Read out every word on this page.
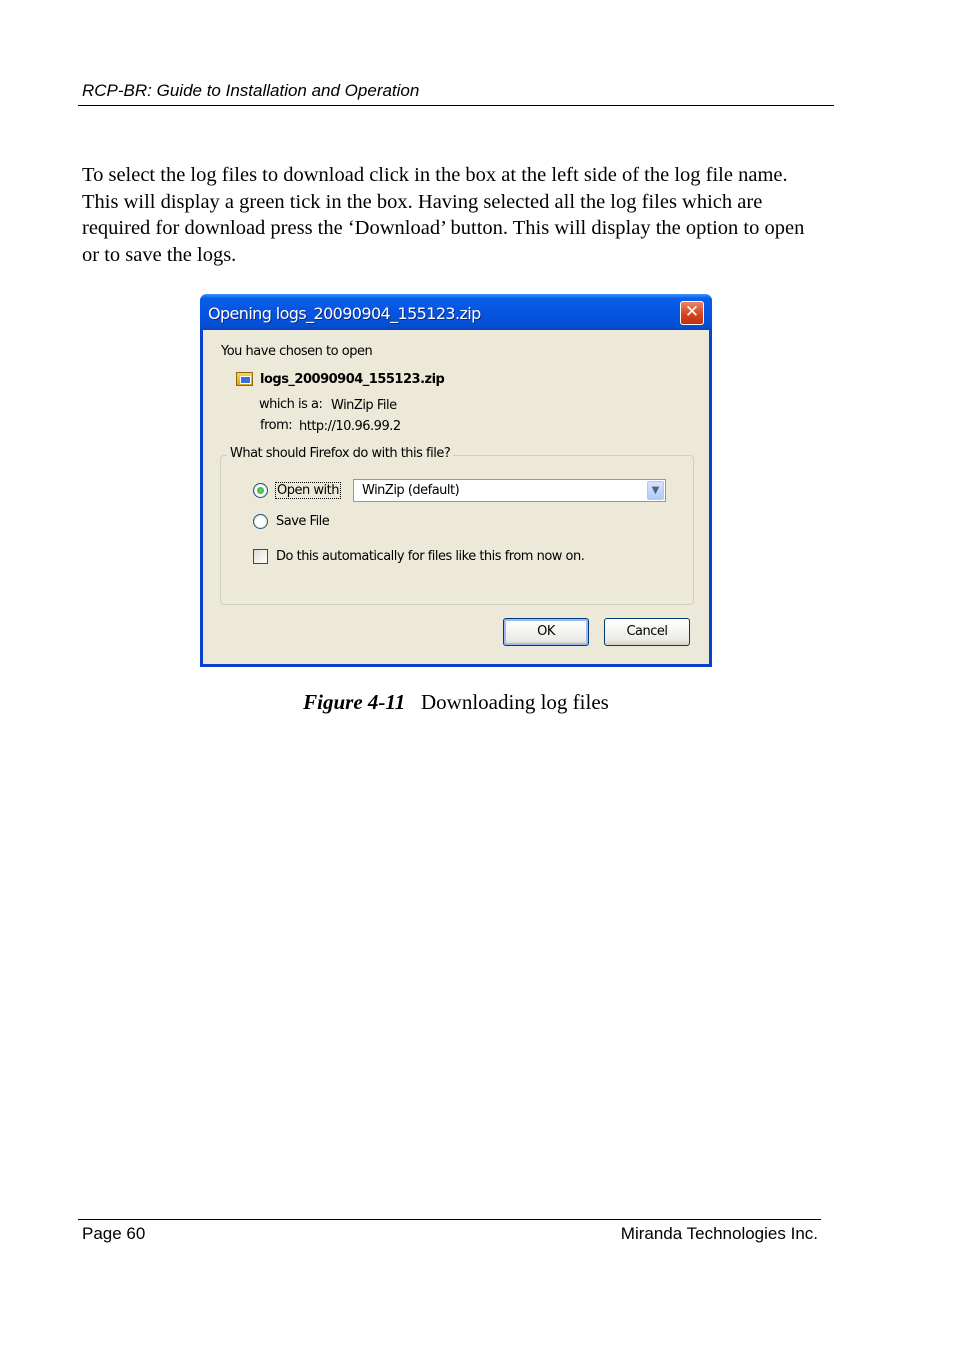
RCP-BR: Guide to Installation and Operation

To select the log files to download click in the box at the left side of the log file name. This will display a green tick in the box. Having selected all the log files which are required for download press the ‘Download’ button. This will display the option to open or to save the logs.

Opening logs_20090904_155123.zip	✕
You have chosen to open
logs_20090904_155123.zip
which is a: WinZip File
from: http://10.96.99.2
What should Firefox do with this file?
Open with WinZip (default)	▼
Save File
Do this automatically for files like this from now on.
OK	Cancel
Figure 4-11 Downloading log files
Page 60	Miranda Technologies Inc.
